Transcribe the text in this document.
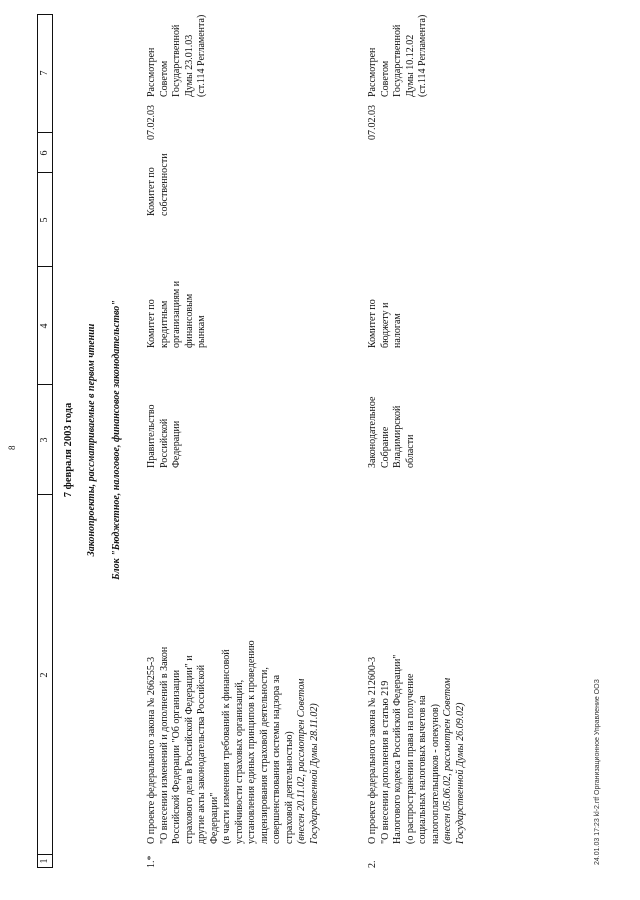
8
1
2
3
4
5
6
7
7 февраля 2003 года Законопроекты, рассматриваемые в первом чтении Блок "Бюджетное, налоговое, финансовое законодательство"
1.*
О проекте федерального закона № 266255-3 "О внесении изменений и дополнений в Закон Российской Федерации "Об организации страхового дела в Российской Федерации" и другие акты законодательства Российской Федерации" (в части изменения требований к финансовой устойчивости страховых организаций, установления единых принципов к проведению лицензирования страховой деятельности, совершенствования системы надзора за страховой деятельностью) (внесен 20.11.02, рассмотрен Советом Государственной Думы 28.11.02)
Правительство Российской Федерации
Комитет по кредитным организациям и финансовым рынкам
Комитет по собственности
07.02.03
Рассмотрен Советом Государственной Думы 23.01.03 (ст.114 Регламента)
2.
О проекте федерального закона № 212600-3 "О внесении дополнения в статью 219 Налогового кодекса Российской Федерации" (о распространении права на получение социальных налоговых вычетов на налогоплательщиков - опекунов) (внесен 05.06.02, рассмотрен Советом Государственной Думы 26.09.02)
Законодательное Собрание Владимирской области
Комитет по бюджету и налогам
07.02.03
Рассмотрен Советом Государственной Думы 10.12.02 (ст.114 Регламента)
24.01.03 17:23 kl-2.rtf Организационное Управление ООЗ
